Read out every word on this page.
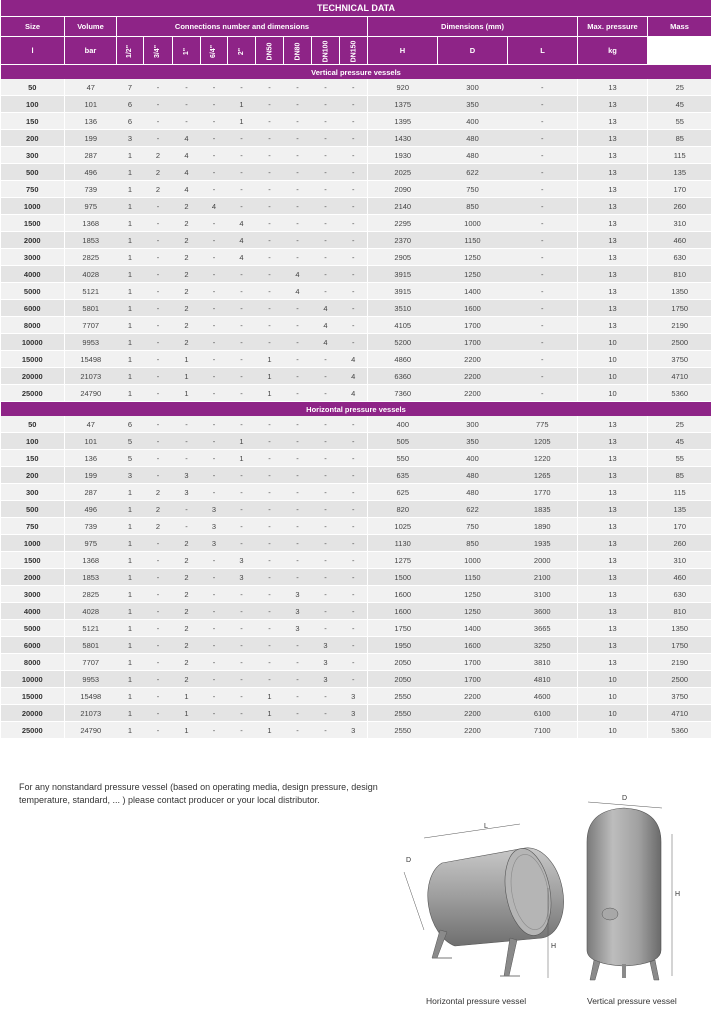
TECHNICAL DATA															
Size	Volume	Connections number and dimensions									Dimensions (mm)			Max. pressure	Mass
		1/2"	3/4"	1"	6/4"	2"	DN50	DN80	DN100	DN150	H	D	L		
l	bar													kg	
Vertical pressure vessels															
50	47	7	-	-	-	-	-	-	-	-	920	300	-	13	25
100	101	6	-	-	-	1	-	-	-	-	1375	350	-	13	45
150	136	6	-	-	-	1	-	-	-	-	1395	400	-	13	55
200	199	3	-	4	-	-	-	-	-	-	1430	480	-	13	85
300	287	1	2	4	-	-	-	-	-	-	1930	480	-	13	115
500	496	1	2	4	-	-	-	-	-	-	2025	622	-	13	135
750	739	1	2	4	-	-	-	-	-	-	2090	750	-	13	170
1000	975	1	-	2	4	-	-	-	-	-	2140	850	-	13	260
1500	1368	1	-	2	-	4	-	-	-	-	2295	1000	-	13	310
2000	1853	1	-	2	-	4	-	-	-	-	2370	1150	-	13	460
3000	2825	1	-	2	-	4	-	-	-	-	2905	1250	-	13	630
4000	4028	1	-	2	-	-	-	4	-	-	3915	1250	-	13	810
5000	5121	1	-	2	-	-	-	4	-	-	3915	1400	-	13	1350
6000	5801	1	-	2	-	-	-	-	4	-	3510	1600	-	13	1750
8000	7707	1	-	2	-	-	-	-	4	-	4105	1700	-	13	2190
10000	9953	1	-	2	-	-	-	-	4	-	5200	1700	-	10	2500
15000	15498	1	-	1	-	-	1	-	-	4	4860	2200	-	10	3750
20000	21073	1	-	1	-	-	1	-	-	4	6360	2200	-	10	4710
25000	24790	1	-	1	-	-	1	-	-	4	7360	2200	-	10	5360
Horizontal pressure vessels															
50	47	6	-	-	-	-	-	-	-	-	400	300	775	13	25
100	101	5	-	-	-	1	-	-	-	-	505	350	1205	13	45
150	136	5	-	-	-	1	-	-	-	-	550	400	1220	13	55
200	199	3	-	3	-	-	-	-	-	-	635	480	1265	13	85
300	287	1	2	3	-	-	-	-	-	-	625	480	1770	13	115
500	496	1	2	-	3	-	-	-	-	-	820	622	1835	13	135
750	739	1	2	-	3	-	-	-	-	-	1025	750	1890	13	170
1000	975	1	-	2	3	-	-	-	-	-	1130	850	1935	13	260
1500	1368	1	-	2	-	3	-	-	-	-	1275	1000	2000	13	310
2000	1853	1	-	2	-	3	-	-	-	-	1500	1150	2100	13	460
3000	2825	1	-	2	-	-	-	3	-	-	1600	1250	3100	13	630
4000	4028	1	-	2	-	-	-	3	-	-	1600	1250	3600	13	810
5000	5121	1	-	2	-	-	-	3	-	-	1750	1400	3665	13	1350
6000	5801	1	-	2	-	-	-	-	3	-	1950	1600	3250	13	1750
8000	7707	1	-	2	-	-	-	-	3	-	2050	1700	3810	13	2190
10000	9953	1	-	2	-	-	-	-	3	-	2050	1700	4810	10	2500
15000	15498	1	-	1	-	-	1	-	-	3	2550	2200	4600	10	3750
20000	21073	1	-	1	-	-	1	-	-	3	2550	2200	6100	10	4710
25000	24790	1	-	1	-	-	1	-	-	3	2550	2200	7100	10	5360
For any nonstandard pressure vessel (based on operating media, design pressure, design temperature, standard, ... ) please contact producer or your local distributor.
L
D
H
D
H
Horizontal pressure vessel	Vertical pressure vessel
